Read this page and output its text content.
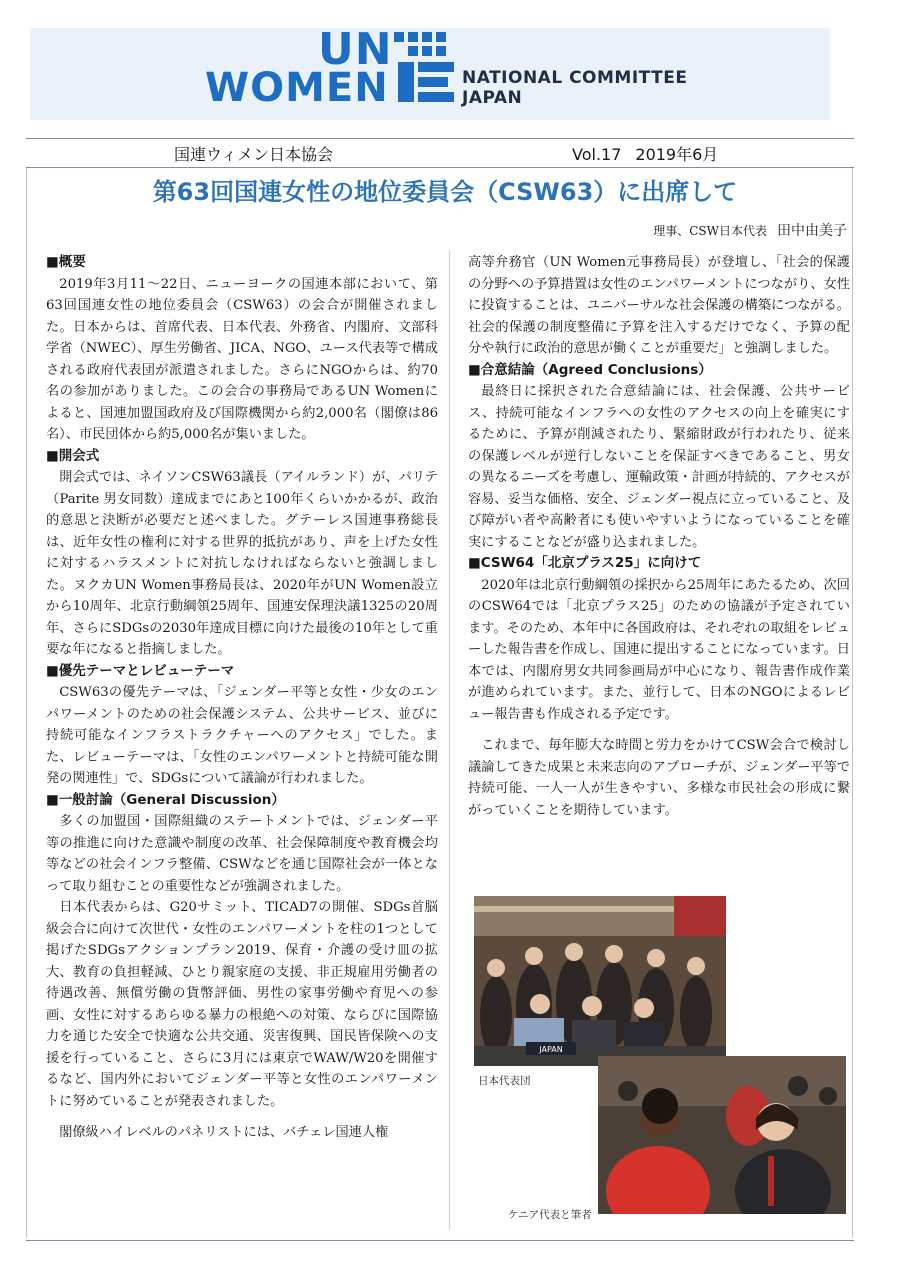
UN
WOMEN	NATIONAL COMMITTEE
JAPAN
国連ウィメン日本協会	Vol.17 2019年6月
第63回国連女性の地位委員会（CSW63）に出席して
理事、CSW日本代表 田中由美子
■概要

2019年3月11～22日、ニューヨークの国連本部において、第63回国連女性の地位委員会（CSW63）の会合が開催されました。日本からは、首席代表、日本代表、外務省、内閣府、文部科学省（NWEC）、厚生労働省、JICA、NGO、ユース代表等で構成される政府代表団が派遣されました。さらにNGOからは、約70名の参加がありました。この会合の事務局であるUN Womenによると、国連加盟国政府及び国際機関から約2,000名（閣僚は86名）、市民団体から約5,000名が集いました。

■開会式

開会式では、ネイソンCSW63議長（アイルランド）が、パリテ（Parite 男女同数）達成までにあと100年くらいかかるが、政治的意思と決断が必要だと述べました。グテーレス国連事務総長は、近年女性の権利に対する世界的抵抗があり、声を上げた女性に対するハラスメントに対抗しなければならないと強調しました。ヌクカUN Women事務局長は、2020年がUN Women設立から10周年、北京行動綱領25周年、国連安保理決議1325の20周年、さらにSDGsの2030年達成目標に向けた最後の10年として重要な年になると指摘しました。

■優先テーマとレビューテーマ

CSW63の優先テーマは、「ジェンダー平等と女性・少女のエンパワーメントのための社会保護システム、公共サービス、並びに持続可能なインフラストラクチャーへのアクセス」でした。また、レビューテーマは、「女性のエンパワーメントと持続可能な開発の関連性」で、SDGsについて議論が行われました。

■一般討論（General Discussion）

多くの加盟国・国際組織のステートメントでは、ジェンダー平等の推進に向けた意識や制度の改革、社会保障制度や教育機会均等などの社会インフラ整備、CSWなどを通じ国際社会が一体となって取り組むことの重要性などが強調されました。

日本代表からは、G20サミット、TICAD7の開催、SDGs首脳級会合に向けて次世代・女性のエンパワーメントを柱の1つとして掲げたSDGsアクションプラン2019、保育・介護の受け皿の拡大、教育の負担軽減、ひとり親家庭の支援、非正規雇用労働者の待遇改善、無償労働の貨幣評価、男性の家事労働や育児への参画、女性に対するあらゆる暴力の根絶への対策、ならびに国際協力を通じた安全で快適な公共交通、災害復興、国民皆保険への支援を行っていること、さらに3月には東京でWAW/W20を開催するなど、国内外においてジェンダー平等と女性のエンパワーメントに努めていることが発表されました。

閣僚級ハイレベルのパネリストには、バチェレ国連人権

高等弁務官（UN Women元事務局長）が登壇し、「社会的保護の分野への予算措置は女性のエンパワーメントにつながり、女性に投資することは、ユニバーサルな社会保護の構築につながる。社会的保護の制度整備に予算を注入するだけでなく、予算の配分や執行に政治的意思が働くことが重要だ」と強調しました。

■合意結論（Agreed Conclusions）

最終日に採択された合意結論には、社会保護、公共サービス、持続可能なインフラへの女性のアクセスの向上を確実にするために、予算が削減されたり、緊縮財政が行われたり、従来の保護レベルが逆行しないことを保証すべきであること、男女の異なるニーズを考慮し、運輸政策・計画が持続的、アクセスが容易、妥当な価格、安全、ジェンダー視点に立っていること、及び障がい者や高齢者にも使いやすいようになっていることを確実にすることなどが盛り込まれました。

■CSW64「北京プラス25」に向けて

2020年は北京行動綱領の採択から25周年にあたるため、次回のCSW64では「北京プラス25」のための協議が予定されています。そのため、本年中に各国政府は、それぞれの取組をレビューした報告書を作成し、国連に提出することになっています。日本では、内閣府男女共同参画局が中心になり、報告書作成作業が進められています。また、並行して、日本のNGOによるレビュー報告書も作成される予定です。

これまで、毎年膨大な時間と労力をかけてCSW会合で検討し議論してきた成果と未来志向のアプローチが、ジェンダー平等で持続可能、一人一人が生きやすい、多様な市民社会の形成に繋がっていくことを期待しています。

JAPAN
日本代表団
ケニア代表と筆者
